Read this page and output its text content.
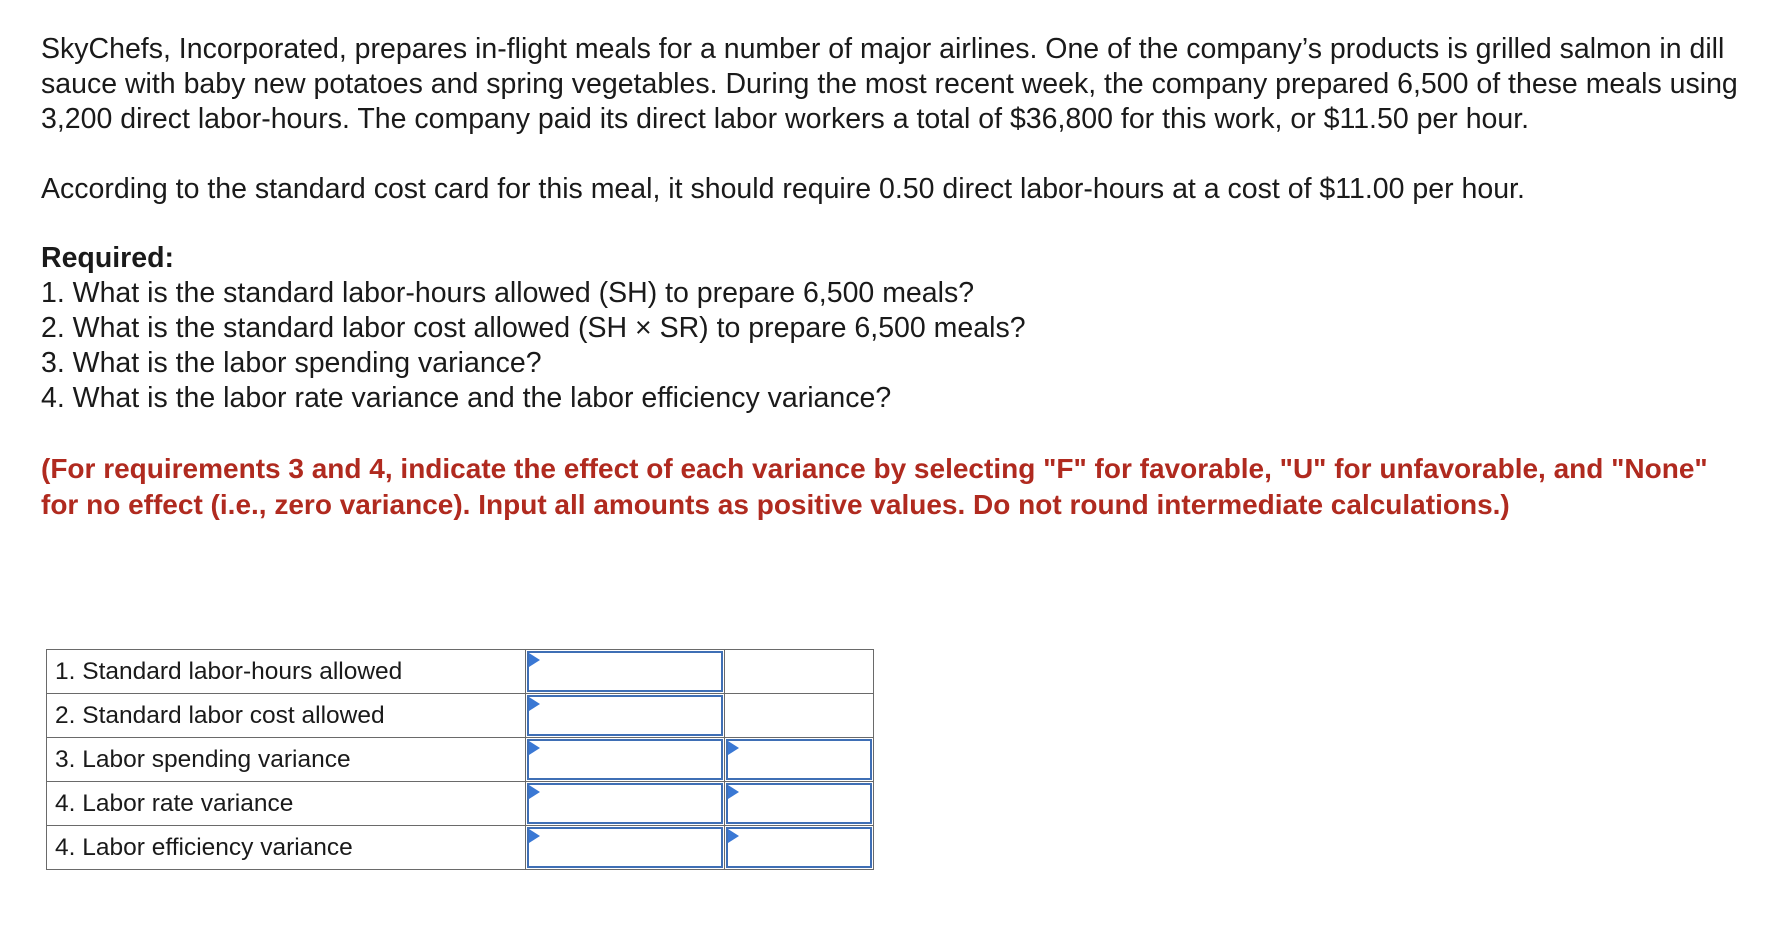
SkyChefs, Incorporated, prepares in-flight meals for a number of major airlines. One of the company’s products is grilled salmon in dill sauce with baby new potatoes and spring vegetables. During the most recent week, the company prepared 6,500 of these meals using 3,200 direct labor-hours. The company paid its direct labor workers a total of $36,800 for this work, or $11.50 per hour.

According to the standard cost card for this meal, it should require 0.50 direct labor-hours at a cost of $11.00 per hour.

Required:

1. What is the standard labor-hours allowed (SH) to prepare 6,500 meals?
2. What is the standard labor cost allowed (SH × SR) to prepare 6,500 meals?
3. What is the labor spending variance?
4. What is the labor rate variance and the labor efficiency variance?

(For requirements 3 and 4, indicate the effect of each variance by selecting "F" for favorable, "U" for unfavorable, and "None" for no effect (i.e., zero variance). Input all amounts as positive values. Do not round intermediate calculations.)

1. Standard labor-hours allowed	

2. Standard labor cost allowed	

3. Labor spending variance	

4. Labor rate variance	

4. Labor efficiency variance	
